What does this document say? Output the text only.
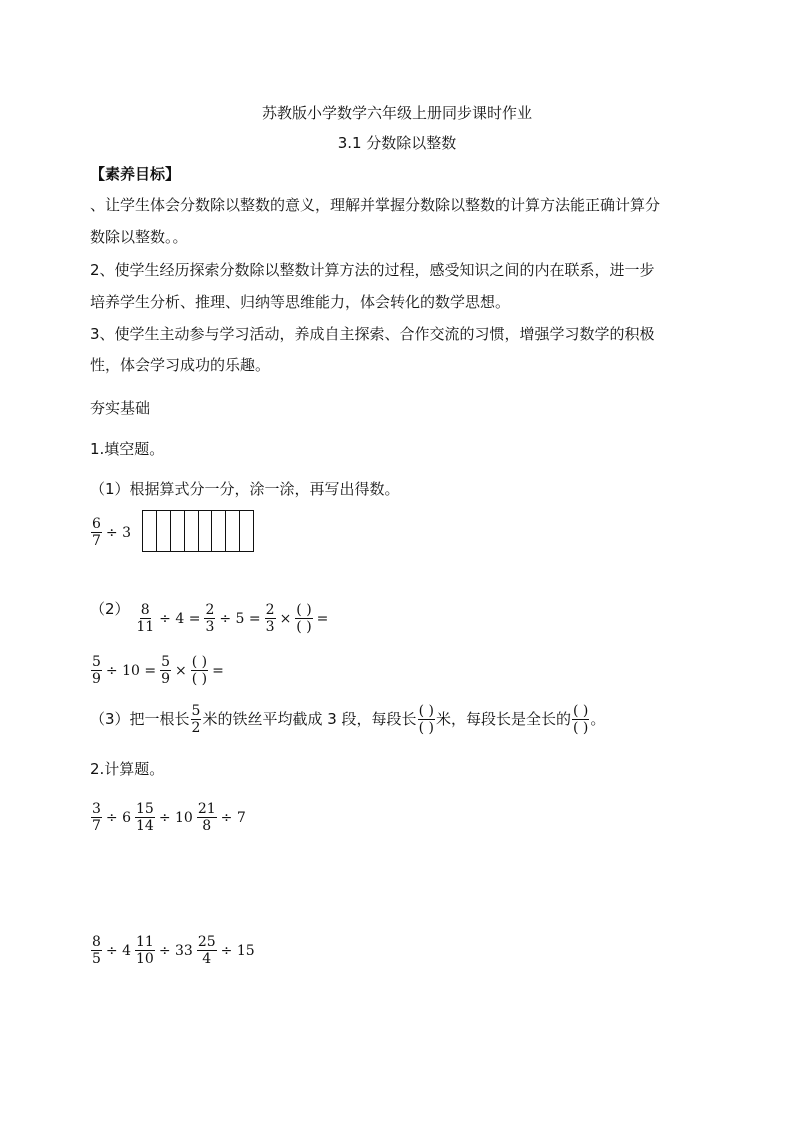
苏教版小学数学六年级上册同步课时作业
3.1 分数除以整数
【素养目标】
、让学生体会分数除以整数的意义，理解并掌握分数除以整数的计算方法能正确计算分
数除以整数。。
2、使学生经历探索分数除以整数计算方法的过程，感受知识之间的内在联系，进一步
培养学生分析、推理、归纳等思维能力，体会转化的数学思想。
3、使学生主动参与学习活动，养成自主探索、合作交流的习惯，增强学习数学的积极
性，体会学习成功的乐趣。
夯实基础
1.填空题。
（1）根据算式分一分，涂一涂，再写出得数。
$\frac{6}{7} \div 3$
$(2) \frac{8}{11} \div 4 = \frac{2}{3} \div 5 = \frac{2}{3} \times \frac{( )}{( )}$ =
$\frac{5}{9} \div 10 = \frac{5}{9} \times \frac{( )}{( )}$ =
（3）把一根长 $\frac{5}{2}$ 米的铁丝平均截成 3 段，每段长 $\frac{( )}{( )}$ 米，每段长是全长的 $\frac{( )}{( )}$ 。
2.计算题。
$\frac{3}{7} \div 6 \frac{15}{14} \div 10 \frac{21}{8} \div 7$
$\frac{8}{5} \div 4 \frac{11}{10} \div 33 \frac{25}{4} \div 15$
